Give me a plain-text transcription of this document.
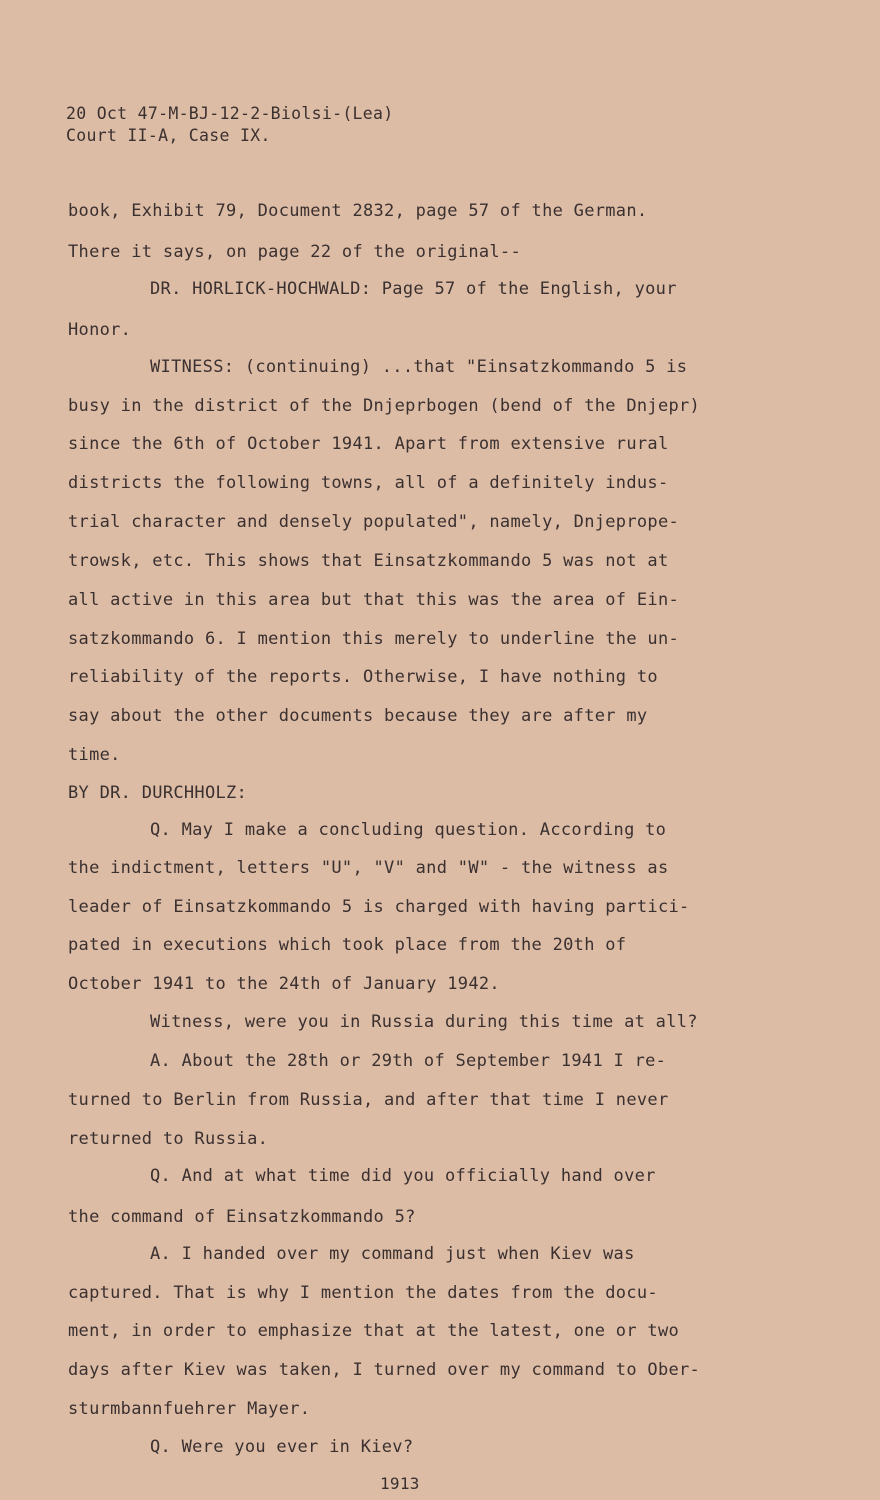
20 Oct 47-M-BJ-12-2-Biolsi-(Lea)
Court II-A, Case IX.
book, Exhibit 79, Document 2832, page 57 of the German.
There it says, on page 22 of the original--
DR. HORLICK-HOCHWALD: Page 57 of the English, your
Honor.
WITNESS: (continuing) ...that "Einsatzkommando 5 is
busy in the district of the Dnjeprbogen (bend of the Dnjepr)
since the 6th of October 1941. Apart from extensive rural
districts the following towns, all of a definitely indus-
trial character and densely populated", namely, Dnjeprope-
trowsk, etc. This shows that Einsatzkommando 5 was not at
all active in this area but that this was the area of Ein-
satzkommando 6. I mention this merely to underline the un-
reliability of the reports. Otherwise, I have nothing to
say about the other documents because they are after my
time.
BY DR. DURCHHOLZ:
Q. May I make a concluding question. According to
the indictment, letters "U", "V" and "W" - the witness as
leader of Einsatzkommando 5 is charged with having partici-
pated in executions which took place from the 20th of
October 1941 to the 24th of January 1942.
Witness, were you in Russia during this time at all?
A. About the 28th or 29th of September 1941 I re-
turned to Berlin from Russia, and after that time I never
returned to Russia.
Q. And at what time did you officially hand over
the command of Einsatzkommando 5?
A. I handed over my command just when Kiev was
captured. That is why I mention the dates from the docu-
ment, in order to emphasize that at the latest, one or two
days after Kiev was taken, I turned over my command to Ober-
sturmbannfuehrer Mayer.
Q. Were you ever in Kiev?
1913
